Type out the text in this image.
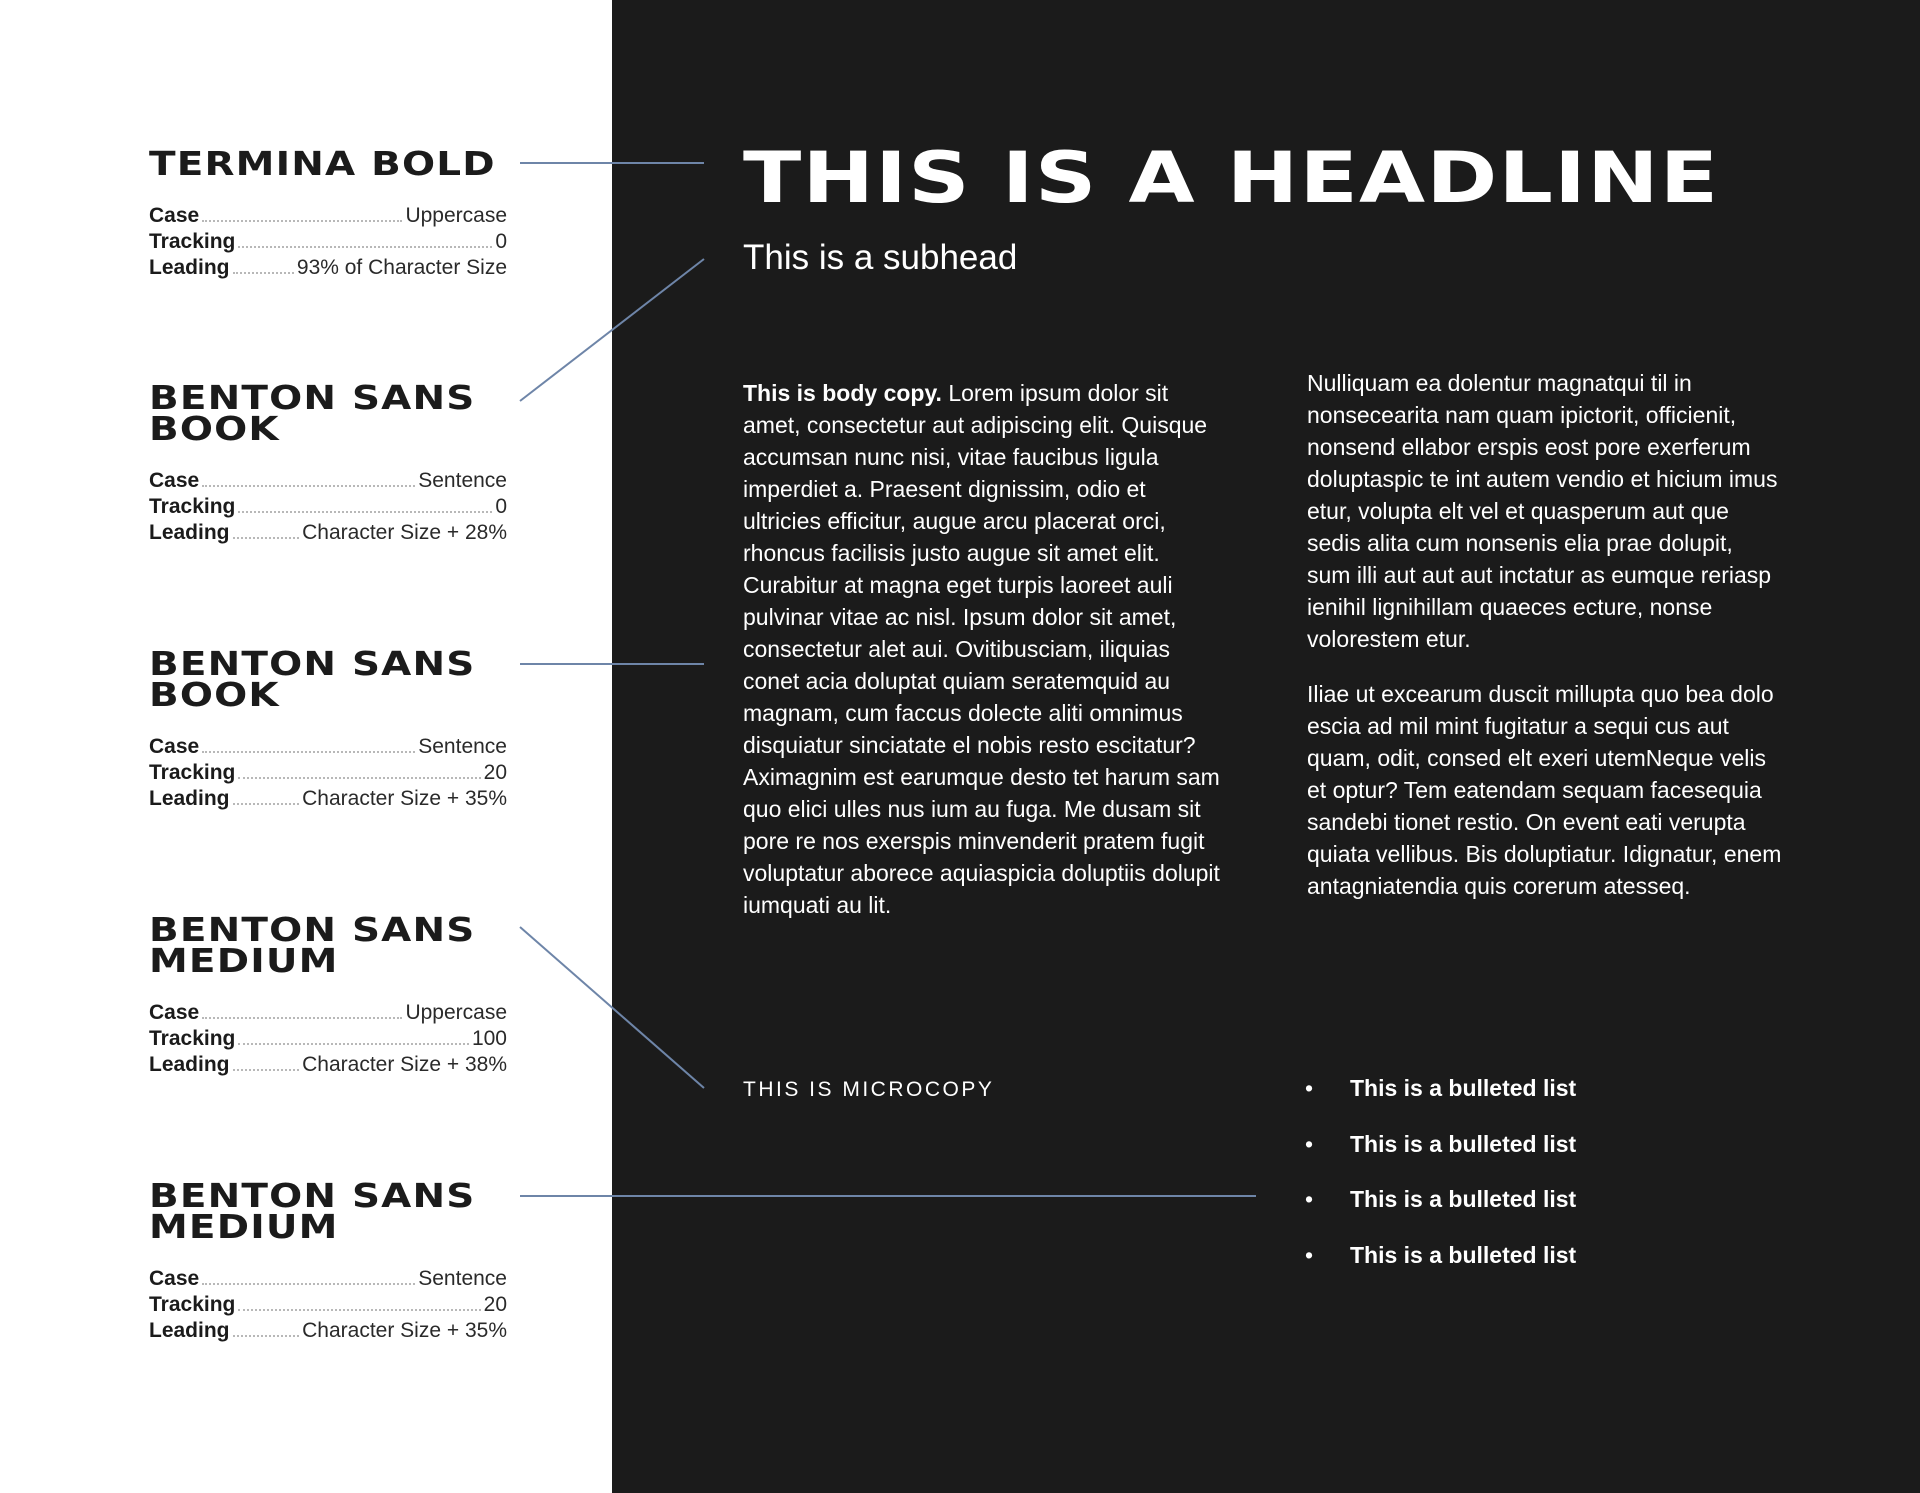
TERMINA BOLD
Case	Uppercase
Tracking	0
Leading	93% of Character Size
BENTON SANS BOOK
Case	Sentence
Tracking	0
Leading	Character Size + 28%
BENTON SANS BOOK
Case	Sentence
Tracking	20
Leading	Character Size + 35%
BENTON SANS MEDIUM
Case	Uppercase
Tracking	100
Leading	Character Size + 38%
BENTON SANS MEDIUM
Case	Sentence
Tracking	20
Leading	Character Size + 35%
THIS IS A HEADLINE
This is a subhead

This is body copy. Lorem ipsum dolor sit amet, consectetur aut adipiscing elit. Quisque accumsan nunc nisi, vitae faucibus ligula imperdiet a. Praesent dignissim, odio et ultricies efficitur, augue arcu placerat orci, rhoncus facilisis justo augue sit amet elit. Curabitur at magna eget turpis laoreet auli pulvinar vitae ac nisl. Ipsum dolor sit amet, consectetur alet aui. Ovitibusciam, iliquias conet acia doluptat quiam seratemquid au magnam, cum faccus dolecte aliti omnimus disquiatur sinciatate el nobis resto escitatur? Aximagnim est earumque desto tet harum sam quo elici ulles nus ium au fuga. Me dusam sit pore re nos exerspis minvenderit pratem fugit voluptatur aborece aquiaspicia doluptiis dolupit iumquati au lit.

Nulliquam ea dolentur magnatqui til in nonsecearita nam quam ipictorit, officienit, nonsend ellabor erspis eost pore exerferum doluptaspic te int autem vendio et hicium imus etur, volupta elt vel et quasperum aut que sedis alita cum nonsenis elia prae dolupit, sum illi aut aut aut inctatur as eumque reriasp ienihil lignihillam quaeces ecture, nonse volorestem etur.

Iliae ut excearum duscit millupta quo bea dolo escia ad mil mint fugitatur a sequi cus aut quam, odit, consed elt exeri utemNeque velis et optur? Tem eatendam sequam facesequia sandebi tionet restio. On event eati verupta quiata vellibus. Bis doluptiatur. Idignatur, enem antagniatendia quis corerum atesseq.

THIS IS MICROCOPY	• This is a bulleted list
• This is a bulleted list
• This is a bulleted list
• This is a bulleted list
